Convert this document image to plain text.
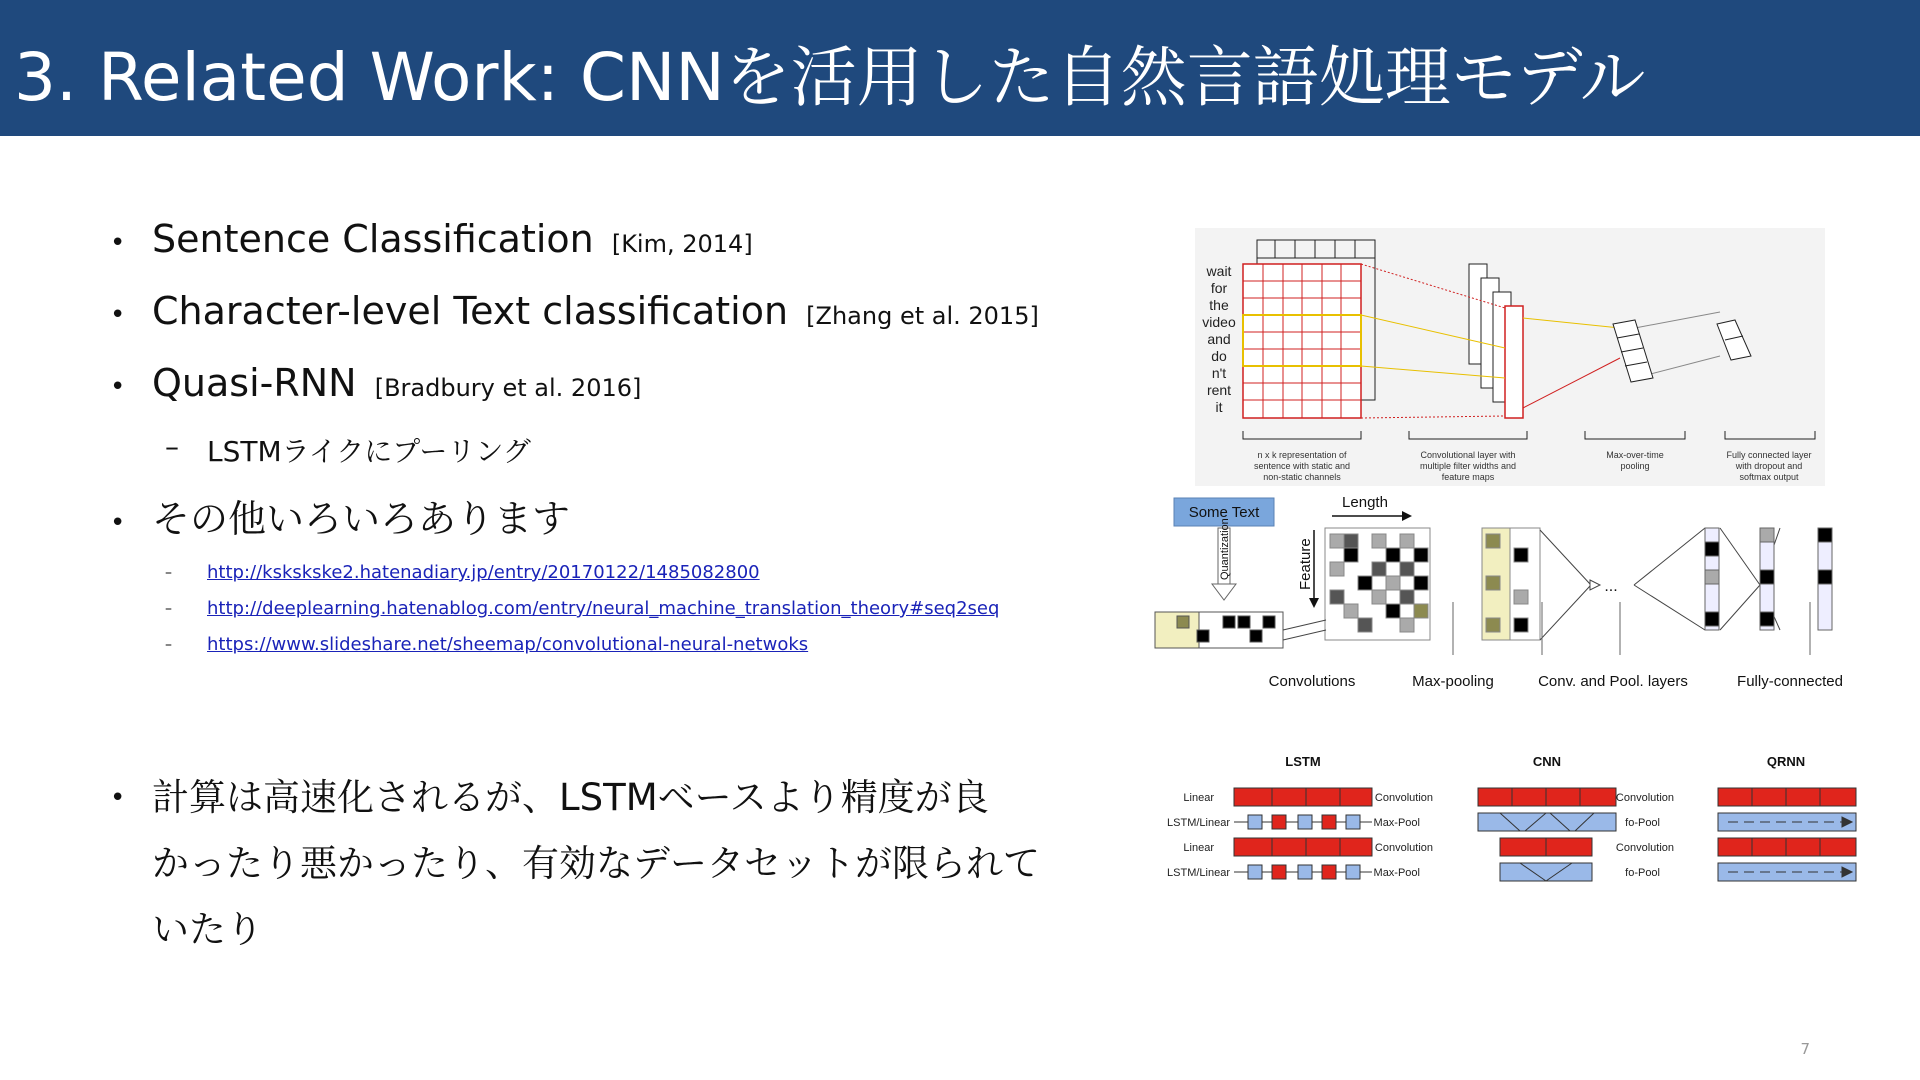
3. Related Work: CNNを活用した自然言語処理モデル
• Sentence Classification [Kim, 2014]
• Character-level Text classification [Zhang et al. 2015]
• Quasi-RNN [Bradbury et al. 2016]
– LSTMライクにプーリング
• その他いろいろあります
– http://kskskske2.hatenadiary.jp/entry/20170122/1485082800
– http://deeplearning.hatenablog.com/entry/neural_machine_translation_theory#seq2seq
– https://www.slideshare.net/sheemap/convolutional-neural-netwoks
• 計算は高速化されるが、LSTMベースより精度が良
かったり悪かったり、有効なデータセットが限られて
いたり
wait
for
the
video
and
do
n't
rent
it
n x k representation of
sentence with static and
non-static channels
Convolutional layer with
multiple filter widths and
feature maps
Max-over-time
pooling
Fully connected layer
with dropout and
softmax output
Some Text
Length
Quantization	Feature	...
Convolutions	Max-pooling	Conv. and Pool. layers	Fully-connected
LSTM	CNN	QRNN
Linear
LSTM/Linear
Linear
LSTM/Linear
Convolution
Max-Pool
Convolution
Max-Pool
Convolution
fo-Pool
Convolution
fo-Pool
7
